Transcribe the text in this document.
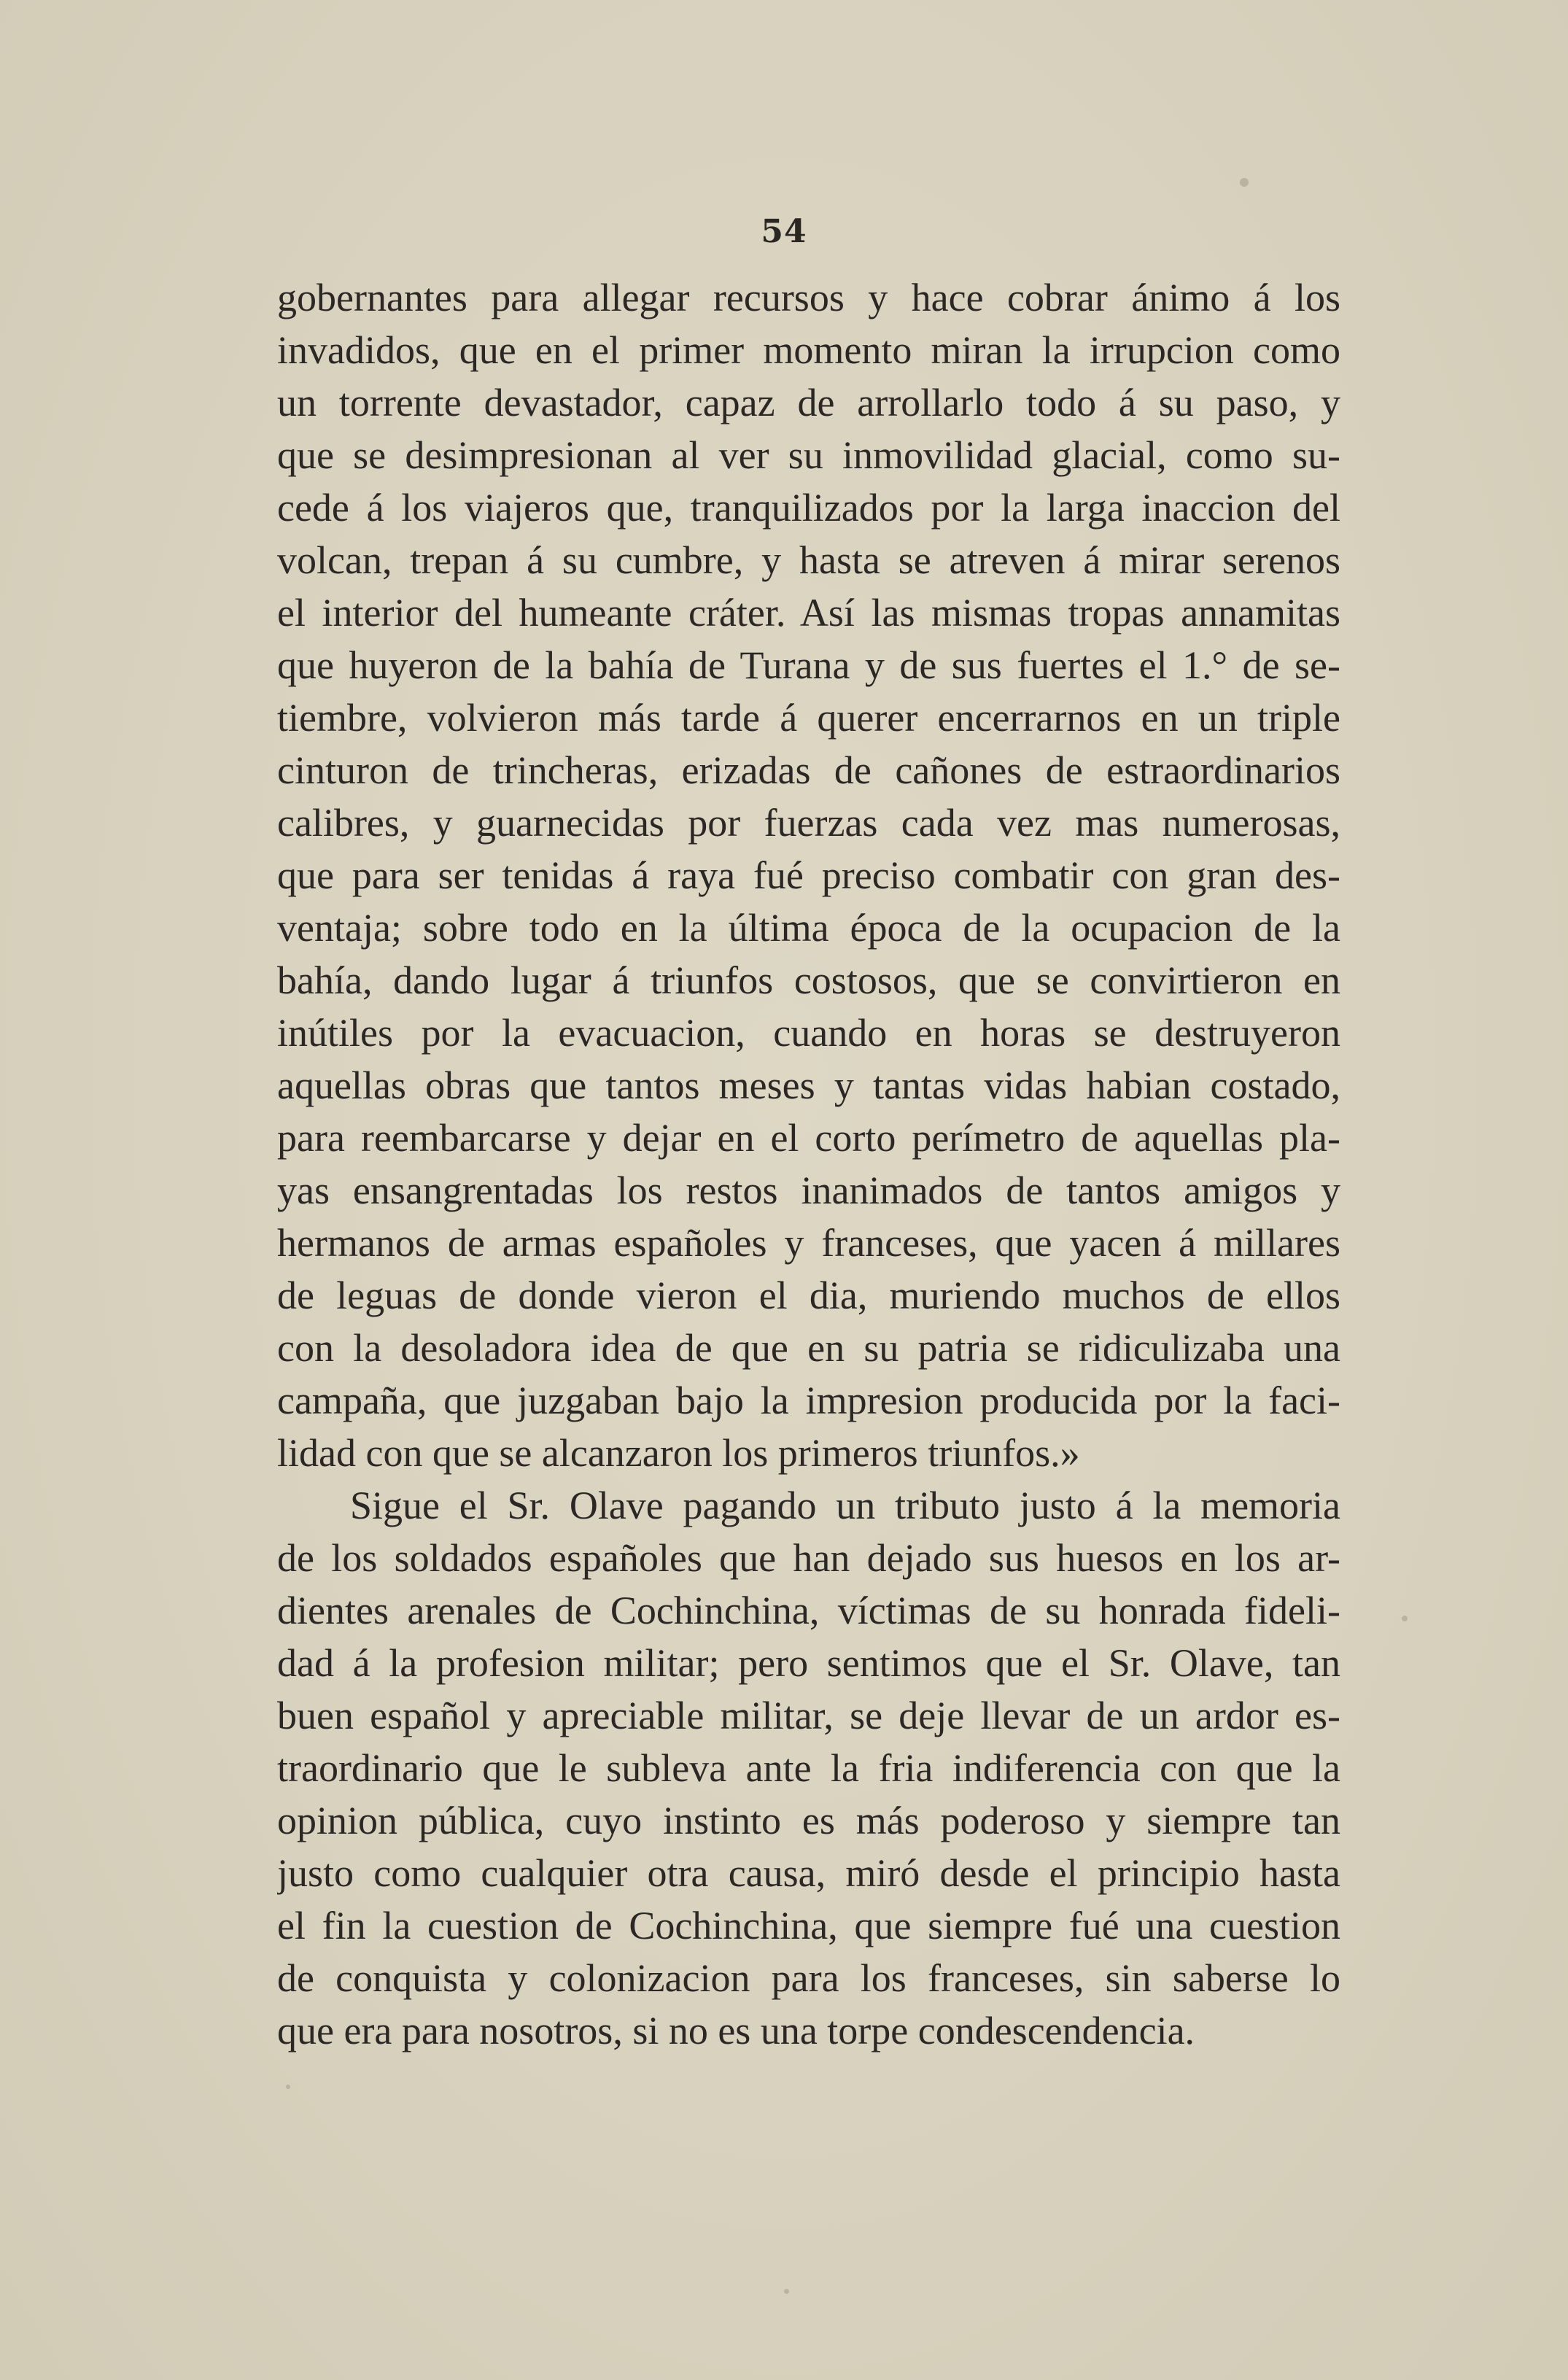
54
gobernantes para allegar recursos y hace cobrar ánimo á los
invadidos, que en el primer momento miran la irrupcion como
un torrente devastador, capaz de arrollarlo todo á su paso, y
que se desimpresionan al ver su inmovilidad glacial, como su-
cede á los viajeros que, tranquilizados por la larga inaccion del
volcan, trepan á su cumbre, y hasta se atreven á mirar serenos
el interior del humeante cráter. Así las mismas tropas annamitas
que huyeron de la bahía de Turana y de sus fuertes el 1.° de se-
tiembre, volvieron más tarde á querer encerrarnos en un triple
cinturon de trincheras, erizadas de cañones de estraordinarios
calibres, y guarnecidas por fuerzas cada vez mas numerosas,
que para ser tenidas á raya fué preciso combatir con gran des-
ventaja; sobre todo en la última época de la ocupacion de la
bahía, dando lugar á triunfos costosos, que se convirtieron en
inútiles por la evacuacion, cuando en horas se destruyeron
aquellas obras que tantos meses y tantas vidas habian costado,
para reembarcarse y dejar en el corto perímetro de aquellas pla-
yas ensangrentadas los restos inanimados de tantos amigos y
hermanos de armas españoles y franceses, que yacen á millares
de leguas de donde vieron el dia, muriendo muchos de ellos
con la desoladora idea de que en su patria se ridiculizaba una
campaña, que juzgaban bajo la impresion producida por la faci-
lidad con que se alcanzaron los primeros triunfos.»
Sigue el Sr. Olave pagando un tributo justo á la memoria
de los soldados españoles que han dejado sus huesos en los ar-
dientes arenales de Cochinchina, víctimas de su honrada fideli-
dad á la profesion militar; pero sentimos que el Sr. Olave, tan
buen español y apreciable militar, se deje llevar de un ardor es-
traordinario que le subleva ante la fria indiferencia con que la
opinion pública, cuyo instinto es más poderoso y siempre tan
justo como cualquier otra causa, miró desde el principio hasta
el fin la cuestion de Cochinchina, que siempre fué una cuestion
de conquista y colonizacion para los franceses, sin saberse lo
que era para nosotros, si no es una torpe condescendencia.
